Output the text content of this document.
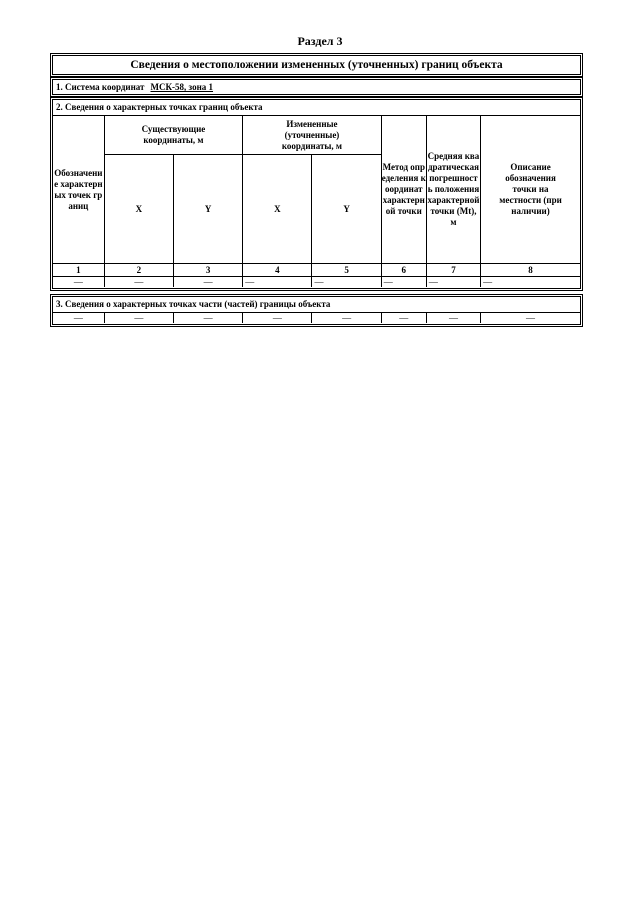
Раздел 3
Сведения о местоположении измененных (уточненных) границ объекта
1. Система координат МСК-58, зона 1
2. Сведения о характерных точках границ объекта
Обозначение характерных точек границ	Существующие координаты, м		Измененные (уточненные) координаты, м		Метод определения координат характерной точки	Средняя квадратическая погрешность положения характерной точки (Mt), м	Описание обозначения точки на местности (при наличии)
	X	Y	X	Y			
1	2	3	4	5	6	7	8
—	—	—	—	—	—	—	—
3. Сведения о характерных точках части (частей) границы объекта
—	—	—	—	—	—	—	—
